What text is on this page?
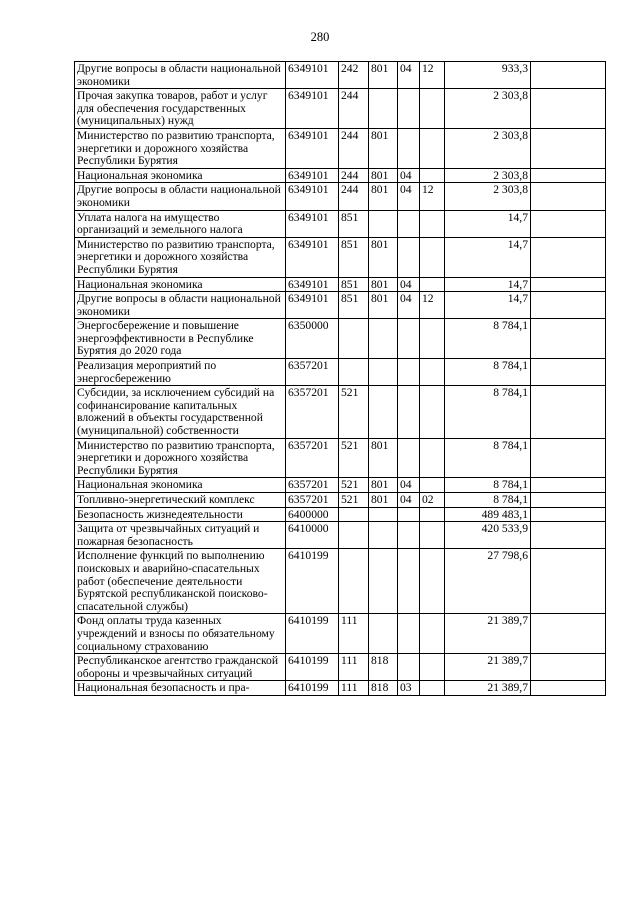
280
Другие вопросы в области национальной экономики	6349101	242	801	04	12	933,3	
Прочая закупка товаров, работ и услуг для обеспечения государственных (муниципальных) нужд	6349101	244				2 303,8	
Министерство по развитию транспорта, энергетики и дорожного хозяйства Республики Бурятия	6349101	244	801			2 303,8	
Национальная экономика	6349101	244	801	04		2 303,8	
Другие вопросы в области национальной экономики	6349101	244	801	04	12	2 303,8	
Уплата налога на имущество организаций и земельного налога	6349101	851				14,7	
Министерство по развитию транспорта, энергетики и дорожного хозяйства Республики Бурятия	6349101	851	801			14,7	
Национальная экономика	6349101	851	801	04		14,7	
Другие вопросы в области национальной экономики	6349101	851	801	04	12	14,7	
Энергосбережение и повышение энергоэффективности в Республике Бурятия до 2020 года	6350000					8 784,1	
Реализация мероприятий по энергосбережению	6357201					8 784,1	
Субсидии, за исключением субсидий на софинансирование капитальных вложений в объекты государственной (муниципальной) собственности	6357201	521				8 784,1	
Министерство по развитию транспорта, энергетики и дорожного хозяйства Республики Бурятия	6357201	521	801			8 784,1	
Национальная экономика	6357201	521	801	04		8 784,1	
Топливно-энергетический комплекс	6357201	521	801	04	02	8 784,1	
Безопасность жизнедеятельности	6400000					489 483,1	
Защита от чрезвычайных ситуаций и пожарная безопасность	6410000					420 533,9	
Исполнение функций по выполнению поисковых и аварийно-спасательных работ (обеспечение деятельности Бурятской республиканской поисково-спасательной службы)	6410199					27 798,6	
Фонд оплаты труда казенных учреждений и взносы по обязательному социальному страхованию	6410199	111				21 389,7	
Республиканское агентство гражданской обороны и чрезвычайных ситуаций	6410199	111	818			21 389,7	
Национальная безопасность и пра-	6410199	111	818	03		21 389,7	
